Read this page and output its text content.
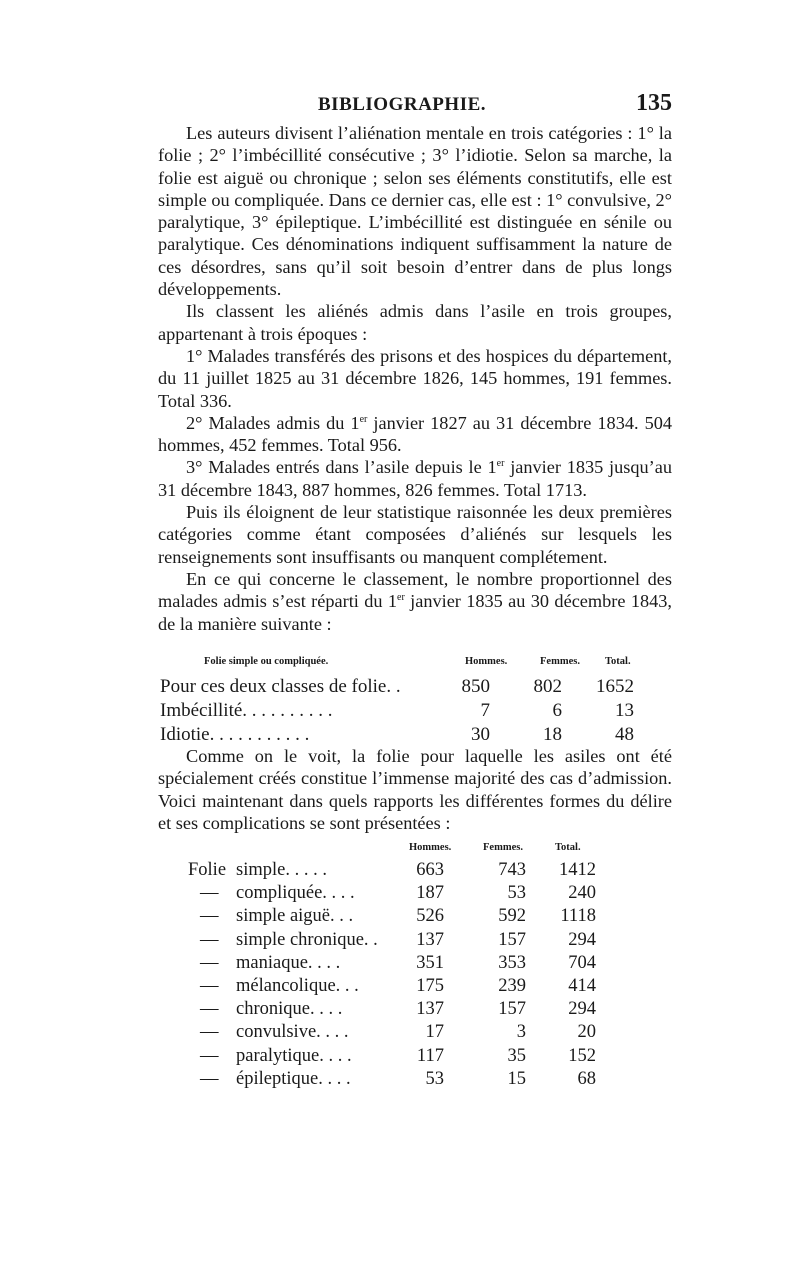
BIBLIOGRAPHIE.	135

Les auteurs divisent l’aliénation mentale en trois catégories : 1° la folie ; 2° l’imbécillité consécutive ; 3° l’idiotie. Selon sa marche, la folie est aiguë ou chronique ; selon ses éléments constitutifs, elle est simple ou compliquée. Dans ce dernier cas, elle est : 1° convulsive, 2° paralytique, 3° épileptique. L’imbécillité est distinguée en sénile ou paralytique. Ces dénominations indiquent suffisamment la nature de ces désordres, sans qu’il soit besoin d’entrer dans de plus longs développements.

Ils classent les aliénés admis dans l’asile en trois groupes, appartenant à trois époques :

1° Malades transférés des prisons et des hospices du département, du 11 juillet 1825 au 31 décembre 1826, 145 hommes, 191 femmes. Total 336.

2° Malades admis du 1er janvier 1827 au 31 décembre 1834. 504 hommes, 452 femmes. Total 956.

3° Malades entrés dans l’asile depuis le 1er janvier 1835 jusqu’au 31 décembre 1843, 887 hommes, 826 femmes. Total 1713.

Puis ils éloignent de leur statistique raisonnée les deux premières catégories comme étant composées d’aliénés sur lesquels les renseignements sont insuffisants ou manquent complétement.

En ce qui concerne le classement, le nombre proportionnel des malades admis s’est réparti du 1er janvier 1835 au 30 décembre 1843, de la manière suivante :

Folie simple ou compliquée.	Hommes.	Femmes. Total.
Pour ces deux classes de folie. .	850	802	1652
Imbécillité. . . . . . . . . .	7	6	13
Idiotie. . . . . . . . . . .	30	18	48

Comme on le voit, la folie pour laquelle les asiles ont été spécialement créés constitue l’immense majorité des cas d’admission. Voici maintenant dans quels rapports les différentes formes du délire et ses complications se sont présentées :

Hommes.	Femmes.	Total.
Folie simple. . . . .	663	743	1412
— compliquée. . . .	187	53	240
— simple aiguë. . .	526	592	1118
— simple chronique. .	137	157	294
— maniaque. . . .	351	353	704
— mélancolique. . .	175	239	414
— chronique. . . .	137	157	294
— convulsive. . . .	17	3	20
— paralytique. . . .	117	35	152
— épileptique. . . .	53	15	68
